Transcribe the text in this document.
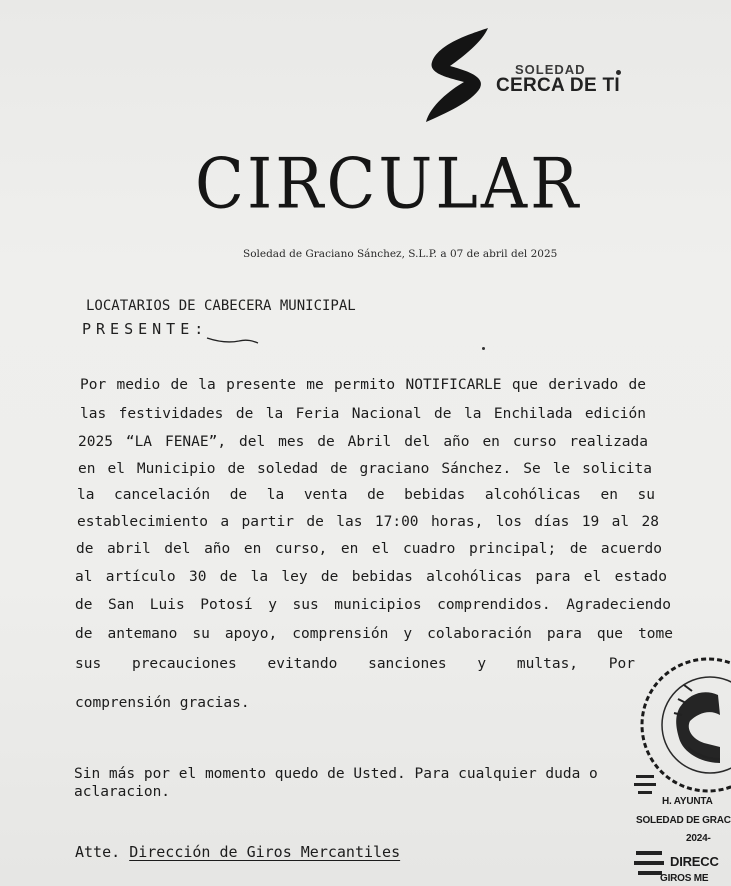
SOLEDAD
CERCA DE TI
CIRCULAR
Soledad de Graciano Sánchez, S.L.P. a 07 de abril del 2025
LOCATARIOS DE CABECERA MUNICIPAL
PRESENTE:
Por medio de la presente me permito NOTIFICARLE que derivado de
las festividades de la Feria Nacional de la Enchilada edición
2025 “LA FENAE”, del mes de Abril del año en curso realizada
en el Municipio de soledad de graciano Sánchez. Se le solicita
la cancelación de la venta de bebidas alcohólicas en su
establecimiento a partir de las 17:00 horas, los días 19 al 28
de abril del año en curso, en el cuadro principal; de acuerdo
al artículo 30 de la ley de bebidas alcohólicas para el estado
de San Luis Potosí y sus municipios comprendidos. Agradeciendo
de antemano su apoyo, comprensión y colaboración para que tome
sus precauciones evitando sanciones y multas, Por
comprensión gracias.
Sin más por el momento quedo de Usted. Para cualquier duda o
aclaracion.
Atte. Dirección de Giros Mercantiles
H. AYUNTA
SOLEDAD DE GRAC
2024-
DIRECC
GIROS ME
